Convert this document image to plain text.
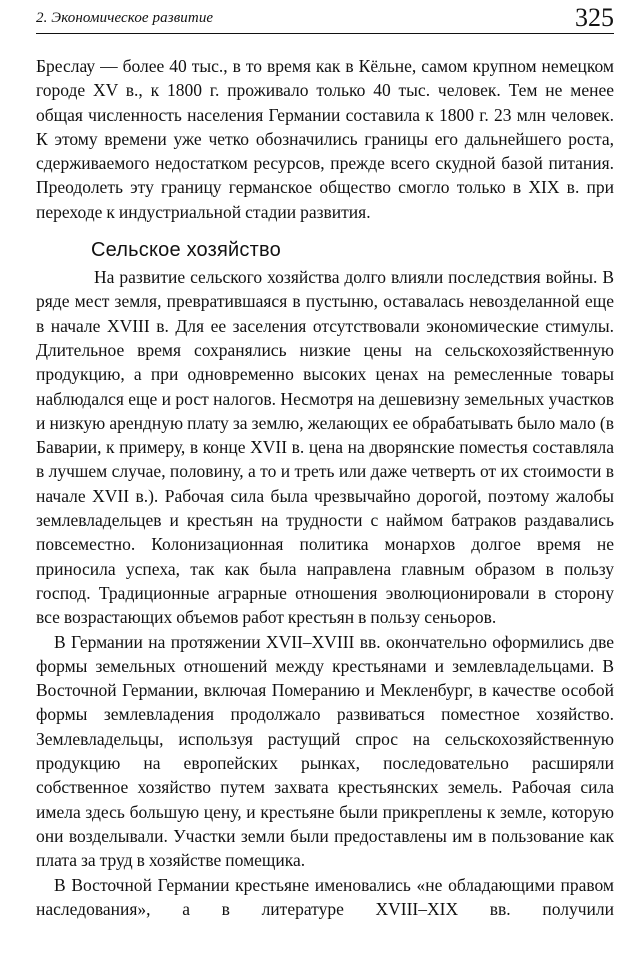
2. Экономическое развитие	325

Бреслау — более 40 тыс., в то время как в Кёльне, самом крупном немецком городе XV в., к 1800 г. проживало только 40 тыс. человек. Тем не менее общая численность населения Германии составила к 1800 г. 23 млн человек. К этому времени уже четко обозначились границы его дальнейшего роста, сдерживаемого недостатком ресурсов, прежде всего скудной базой питания. Преодолеть эту границу германское общество смогло только в XIX в. при переходе к индустриальной стадии развития.

Сельское хозяйство

На развитие сельского хозяйства долго влияли последствия войны. В ряде мест земля, превратившаяся в пустыню, оставалась невозделанной еще в начале XVIII в. Для ее заселения отсутствовали экономические стимулы. Длительное время сохранялись низкие цены на сельскохозяйственную продукцию, а при одновременно высоких ценах на ремесленные товары наблюдался еще и рост налогов. Несмотря на дешевизну земельных участков и низкую арендную плату за землю, желающих ее обрабатывать было мало (в Баварии, к примеру, в конце XVII в. цена на дворянские поместья составляла в лучшем случае, половину, а то и треть или даже четверть от их стоимости в начале XVII в.). Рабочая сила была чрезвычайно дорогой, поэтому жалобы землевладельцев и крестьян на трудности с наймом батраков раздавались повсеместно. Колонизационная политика монархов долгое время не приносила успеха, так как была направлена главным образом в пользу господ. Традиционные аграрные отношения эволюционировали в сторону все возрастающих объемов работ крестьян в пользу сеньоров.

В Германии на протяжении XVII–XVIII вв. окончательно оформились две формы земельных отношений между крестьянами и землевладельцами. В Восточной Германии, включая Померанию и Мекленбург, в качестве особой формы землевладения продолжало развиваться поместное хозяйство. Землевладельцы, используя растущий спрос на сельскохозяйственную продукцию на европейских рынках, последовательно расширяли собственное хозяйство путем захвата крестьянских земель. Рабочая сила имела здесь большую цену, и крестьяне были прикреплены к земле, которую они возделывали. Участки земли были предоставлены им в пользование как плата за труд в хозяйстве помещика.

В Восточной Германии крестьяне именовались «не обладающими правом наследования», а в литературе XVIII–XIX вв. получили
